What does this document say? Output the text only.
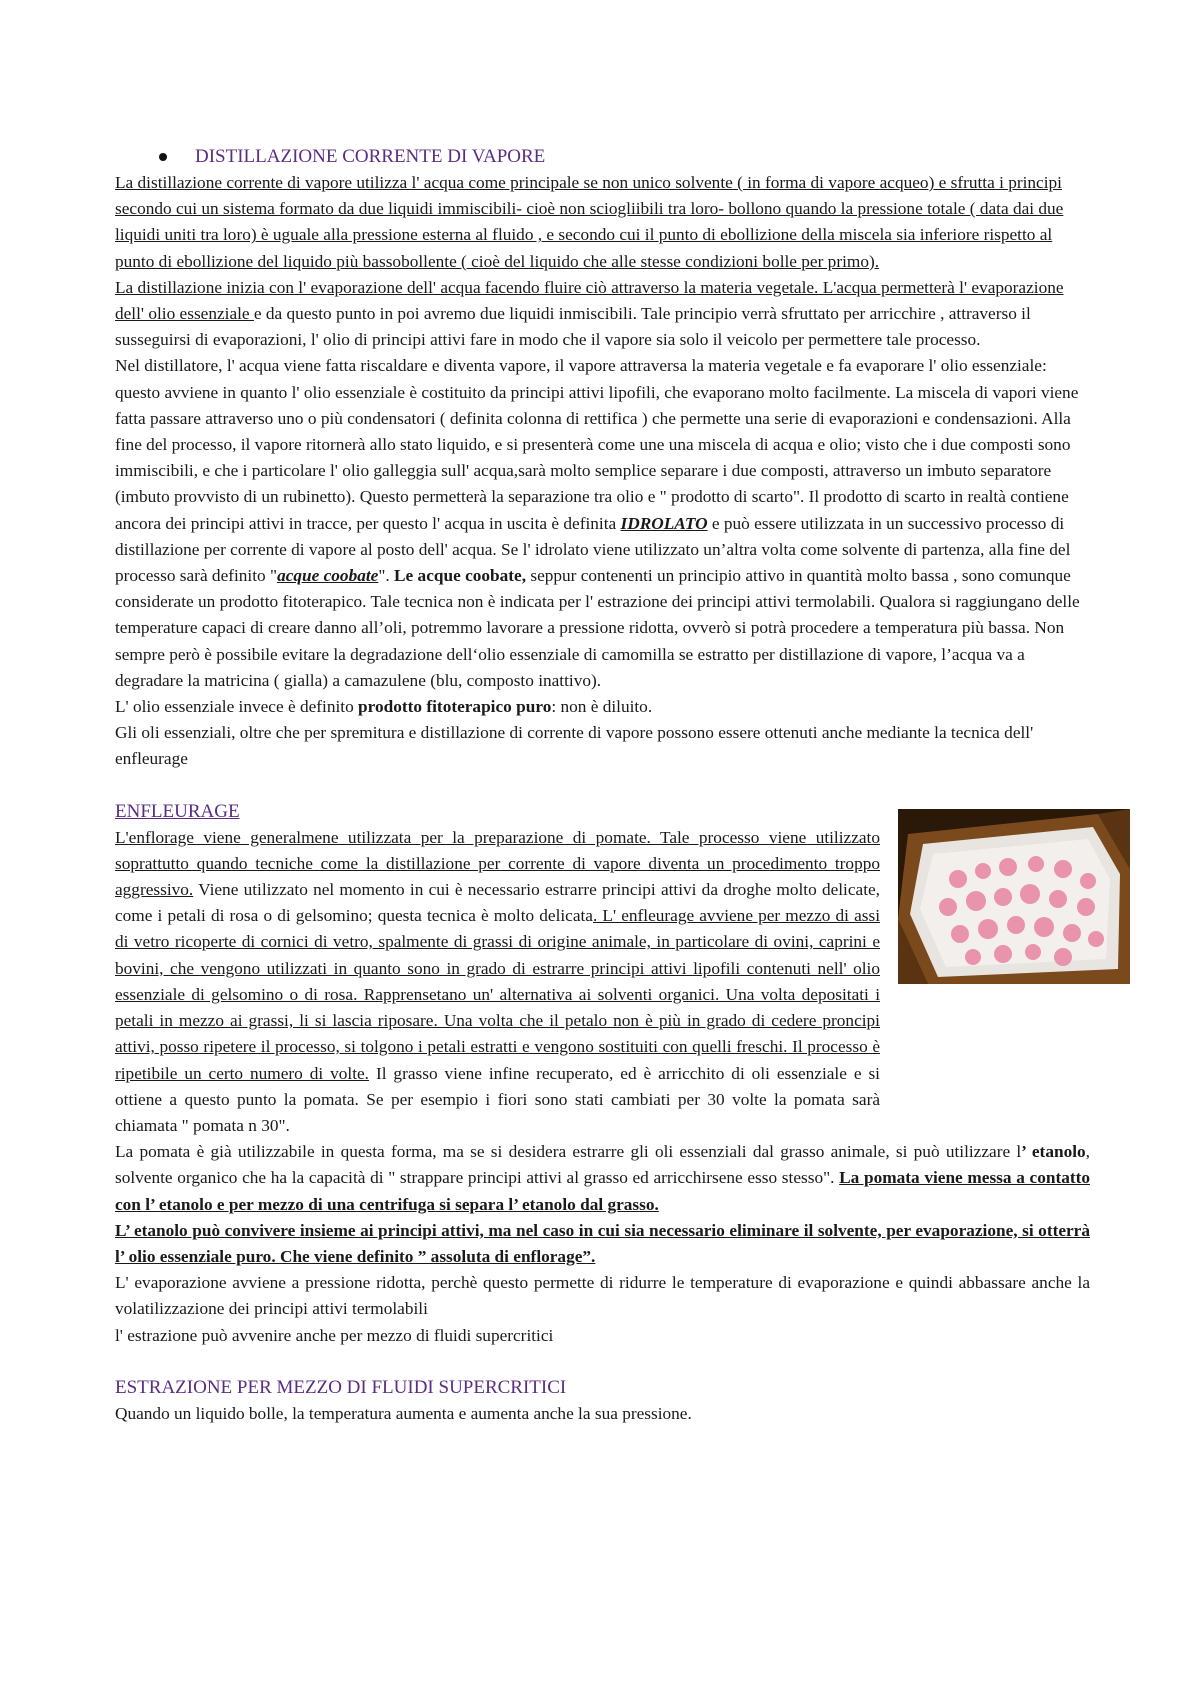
DISTILLAZIONE CORRENTE DI VAPORE

La distillazione corrente di vapore utilizza l' acqua come principale se non unico solvente ( in forma di vapore acqueo) e sfrutta i principi secondo cui un sistema formato da due liquidi immiscibili- cioè non sciogliibili tra loro- bollono quando la pressione totale ( data dai due liquidi uniti tra loro) è uguale alla pressione esterna al fluido , e secondo cui il punto di ebollizione della miscela sia inferiore rispetto al punto di ebollizione del liquido più bassobollente ( cioè del liquido che alle stesse condizioni bolle per primo).

La distillazione inizia con l' evaporazione dell' acqua facendo fluire ciò attraverso la materia vegetale. L'acqua permetterà l' evaporazione dell' olio essenziale e da questo punto in poi avremo due liquidi inmiscibili. Tale principio verrà sfruttato per arricchire , attraverso il susseguirsi di evaporazioni, l' olio di principi attivi fare in modo che il vapore sia solo il veicolo per permettere tale processo.

Nel distillatore, l' acqua viene fatta riscaldare e diventa vapore, il vapore attraversa la materia vegetale e fa evaporare l' olio essenziale: questo avviene in quanto l' olio essenziale è costituito da principi attivi lipofili, che evaporano molto facilmente. La miscela di vapori viene fatta passare attraverso uno o più condensatori ( definita colonna di rettifica ) che permette una serie di evaporazioni e condensazioni. Alla fine del processo, il vapore ritornerà allo stato liquido, e si presenterà come une una miscela di acqua e olio; visto che i due composti sono immiscibili, e che i particolare l' olio galleggia sull' acqua,sarà molto semplice separare i due composti, attraverso un imbuto separatore (imbuto provvisto di un rubinetto). Questo permetterà la separazione tra olio e " prodotto di scarto". Il prodotto di scarto in realtà contiene ancora dei principi attivi in tracce, per questo l' acqua in uscita è definita IDROLATO e può essere utilizzata in un successivo processo di distillazione per corrente di vapore al posto dell' acqua. Se l' idrolato viene utilizzato un’altra volta come solvente di partenza, alla fine del processo sarà definito "acque coobate". Le acque coobate, seppur contenenti un principio attivo in quantità molto bassa , sono comunque considerate un prodotto fitoterapico. Tale tecnica non è indicata per l' estrazione dei principi attivi termolabili. Qualora si raggiungano delle temperature capaci di creare danno all’oli, potremmo lavorare a pressione ridotta, ovverò si potrà procedere a temperatura più bassa. Non sempre però è possibile evitare la degradazione dell‘olio essenziale di camomilla se estratto per distillazione di vapore, l’acqua va a degradare la matricina ( gialla) a camazulene (blu, composto inattivo).

L' olio essenziale invece è definito prodotto fitoterapico puro: non è diluito.

Gli oli essenziali, oltre che per spremitura e distillazione di corrente di vapore possono essere ottenuti anche mediante la tecnica dell' enfleurage

ENFLEURAGE

L'enflorage viene generalmene utilizzata per la preparazione di pomate. Tale processo viene utilizzato soprattutto quando tecniche come la distillazione per corrente di vapore diventa un procedimento troppo aggressivo. Viene utilizzato nel momento in cui è necessario estrarre principi attivi da droghe molto delicate, come i petali di rosa o di gelsomino; questa tecnica è molto delicata. L' enfleurage avviene per mezzo di assi di vetro ricoperte di cornici di vetro, spalmente di grassi di origine animale, in particolare di ovini, caprini e bovini, che vengono utilizzati in quanto sono in grado di estrarre principi attivi lipofili contenuti nell' olio essenziale di gelsomino o di rosa. Rapprensetano un' alternativa ai solventi organici. Una volta depositati i petali in mezzo ai grassi, li si lascia riposare. Una volta che il petalo non è più in grado di cedere proncipi attivi, posso ripetere il processo, si tolgono i petali estratti e vengono sostituiti con quelli freschi. Il processo è ripetibile un certo numero di volte. Il grasso viene infine recuperato, ed è arricchito di oli essenziale e si ottiene a questo punto la pomata. Se per esempio i fiori sono stati cambiati per 30 volte la pomata sarà chiamata " pomata n 30".

La pomata è già utilizzabile in questa forma, ma se si desidera estrarre gli oli essenziali dal grasso animale, si può utilizzare l’ etanolo, solvente organico che ha la capacità di " strappare principi attivi al grasso ed arricchirsene esso stesso". La pomata viene messa a contatto con l’ etanolo e per mezzo di una centrifuga si separa l’ etanolo dal grasso.

L’ etanolo può convivere insieme ai principi attivi, ma nel caso in cui sia necessario eliminare il solvente, per evaporazione, si otterrà l’ olio essenziale puro. Che viene definito ” assoluta di enflorage”.

L' evaporazione avviene a pressione ridotta, perchè questo permette di ridurre le temperature di evaporazione e quindi abbassare anche la volatilizzazione dei principi attivi termolabili

l' estrazione può avvenire anche per mezzo di fluidi supercritici

ESTRAZIONE PER MEZZO DI FLUIDI SUPERCRITICI

Quando un liquido bolle, la temperatura aumenta e aumenta anche la sua pressione.
